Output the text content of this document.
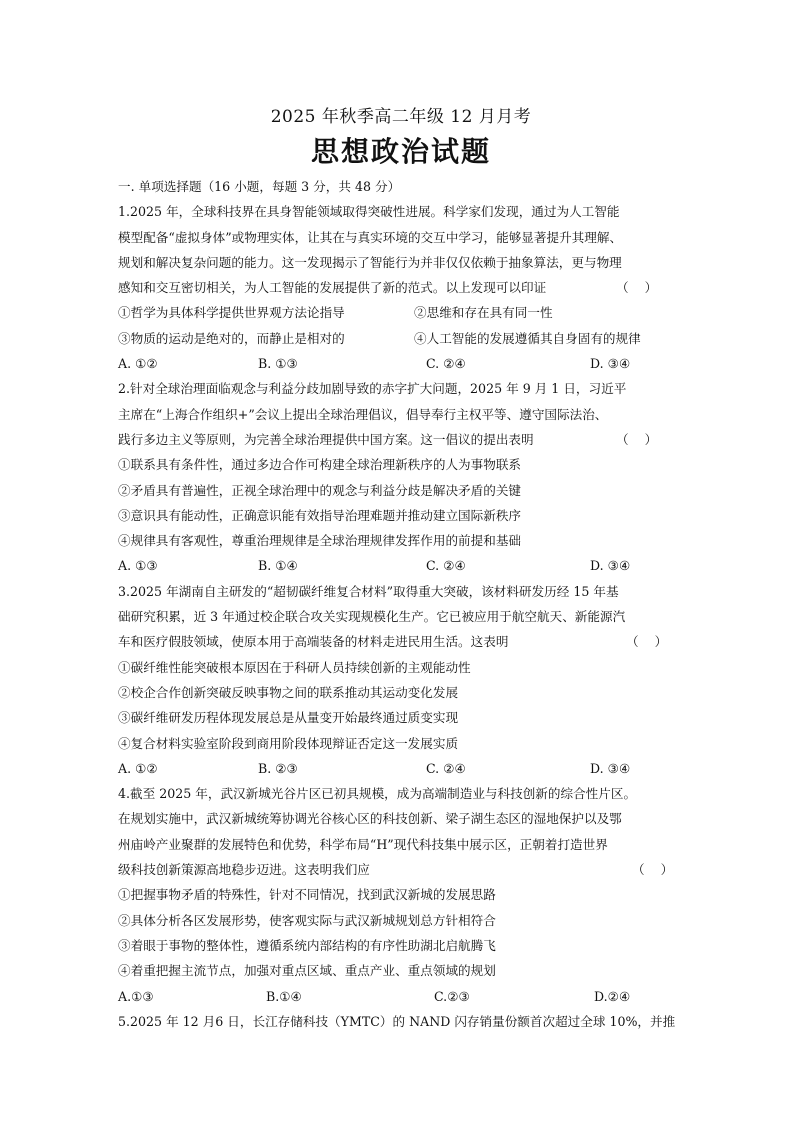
2025 年秋季高二年级 12 月月考
思想政治试题
一. 单项选择题（16 小题，每题 3 分，共 48 分）
1.2025 年，全球科技界在具身智能领域取得突破性进展。科学家们发现，通过为人工智能
模型配备“虚拟身体”或物理实体，让其在与真实环境的交互中学习，能够显著提升其理解、
规划和解决复杂问题的能力。这一发现揭示了智能行为并非仅仅依赖于抽象算法，更与物理
感知和交互密切相关，为人工智能的发展提供了新的范式。以上发现可以印证	（    ）
①哲学为具体科学提供世界观方法论指导	②思维和存在具有同一性
③物质的运动是绝对的，而静止是相对的	④人工智能的发展遵循其自身固有的规律
A. ①②	B. ①③	C. ②④	D. ③④
2.针对全球治理面临观念与利益分歧加剧导致的赤字扩大问题，2025 年 9 月 1 日，习近平
主席在“上海合作组织+”会议上提出全球治理倡议，倡导奉行主权平等、遵守国际法治、
践行多边主义等原则，为完善全球治理提供中国方案。这一倡议的提出表明	（    ）
①联系具有条件性，通过多边合作可构建全球治理新秩序的人为事物联系
②矛盾具有普遍性，正视全球治理中的观念与利益分歧是解决矛盾的关键
③意识具有能动性，正确意识能有效指导治理难题并推动建立国际新秩序
④规律具有客观性，尊重治理规律是全球治理规律发挥作用的前提和基础
A. ①③	B. ①④	C. ②④	D. ③④
3.2025 年湖南自主研发的“超韧碳纤维复合材料”取得重大突破，该材料研发历经 15 年基
础研究积累，近 3 年通过校企联合攻关实现规模化生产。它已被应用于航空航天、新能源汽
车和医疗假肢领域，使原本用于高端装备的材料走进民用生活。这表明	（    ）
①碳纤维性能突破根本原因在于科研人员持续创新的主观能动性
②校企合作创新突破反映事物之间的联系推动其运动变化发展
③碳纤维研发历程体现发展总是从量变开始最终通过质变实现
④复合材料实验室阶段到商用阶段体现辩证否定这一发展实质
A. ①②	B. ②③	C. ②④	D. ③④
4.截至 2025 年，武汉新城光谷片区已初具规模，成为高端制造业与科技创新的综合性片区。
在规划实施中，武汉新城统筹协调光谷核心区的科技创新、梁子湖生态区的湿地保护以及鄂
州庙岭产业聚群的发展特色和优势，科学布局“H”现代科技集中展示区，正朝着打造世界
级科技创新策源高地稳步迈进。这表明我们应	（    ）
①把握事物矛盾的特殊性，针对不同情况，找到武汉新城的发展思路
②具体分析各区发展形势，使客观实际与武汉新城规划总方针相符合
③着眼于事物的整体性，遵循系统内部结构的有序性助湖北启航腾飞
④着重把握主流节点，加强对重点区域、重点产业、重点领域的规划
A.①③	B.①④	C.②③	D.②④
5.2025 年 12 月6 日，长江存储科技（YMTC）的 NAND 闪存销量份额首次超过全球 10%，并推
